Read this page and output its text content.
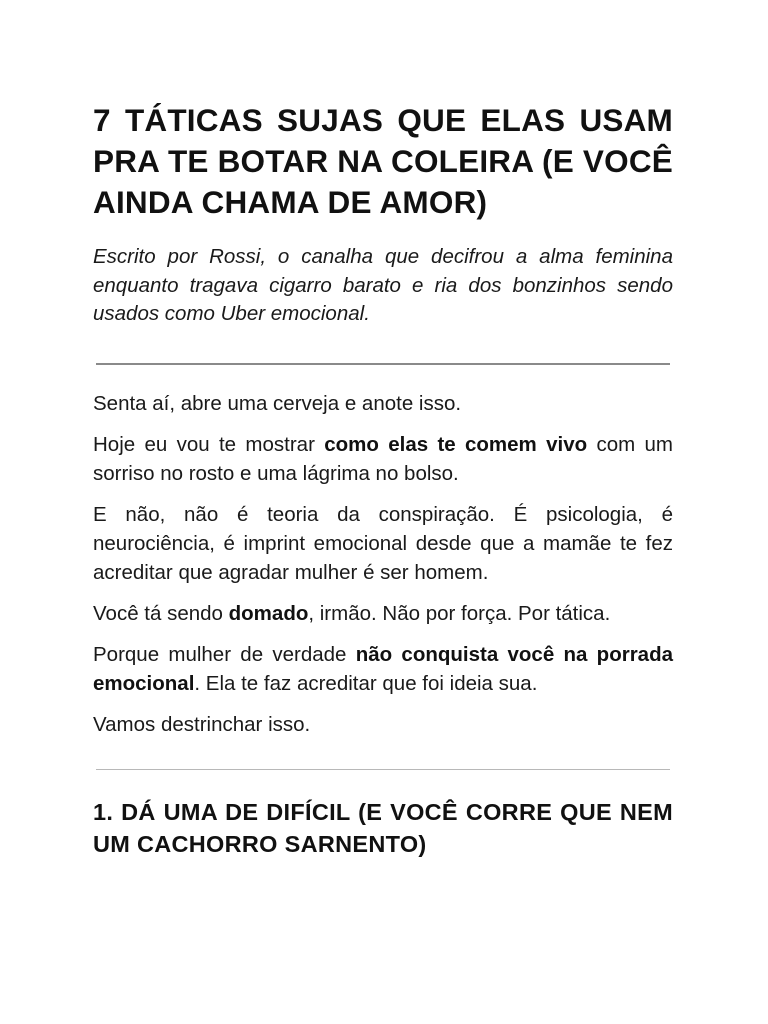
7 TÁTICAS SUJAS QUE ELAS USAM PRA TE BOTAR NA COLEIRA (E VOCÊ AINDA CHAMA DE AMOR)

Escrito por Rossi, o canalha que decifrou a alma feminina enquanto tragava cigarro barato e ria dos bonzinhos sendo usados como Uber emocional.

Senta aí, abre uma cerveja e anote isso.

Hoje eu vou te mostrar como elas te comem vivo com um sorriso no rosto e uma lágrima no bolso.

E não, não é teoria da conspiração. É psicologia, é neurociência, é imprint emocional desde que a mamãe te fez acreditar que agradar mulher é ser homem.

Você tá sendo domado, irmão. Não por força. Por tática.

Porque mulher de verdade não conquista você na porrada emocional. Ela te faz acreditar que foi ideia sua.

Vamos destrinchar isso.

1. DÁ UMA DE DIFÍCIL (E VOCÊ CORRE QUE NEM UM CACHORRO SARNENTO)
